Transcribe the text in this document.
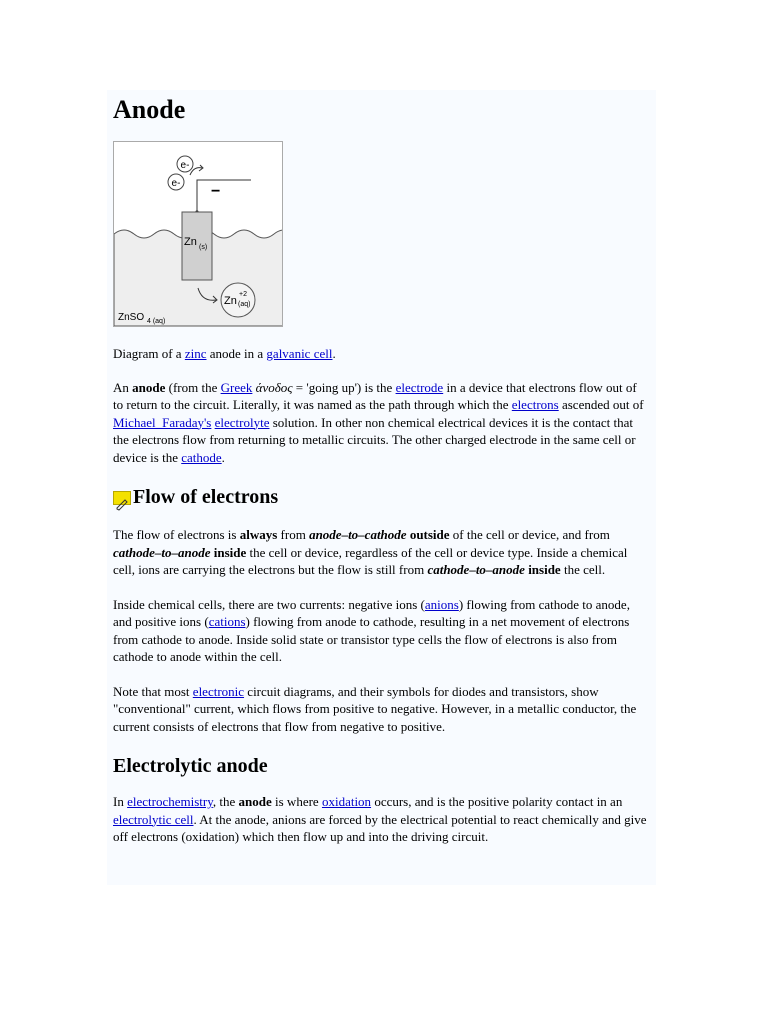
Anode
e-
e- −
Zn (s)
Zn
+2
(aq)
ZnSO 4 (aq)

Diagram of a zinc anode in a galvanic cell.

An anode (from the Greek άνοδος = 'going up') is the electrode in a device that electrons flow out of to return to the circuit. Literally, it was named as the path through which the electrons ascended out of Michael_Faraday's electrolyte solution. In other non chemical electrical devices it is the contact that the electrons flow from returning to metallic circuits. The other charged electrode in the same cell or device is the cathode.

Flow of electrons

The flow of electrons is always from anode–to–cathode outside of the cell or device, and from cathode–to–anode inside the cell or device, regardless of the cell or device type. Inside a chemical cell, ions are carrying the electrons but the flow is still from cathode–to–anode inside the cell.

Inside chemical cells, there are two currents: negative ions (anions) flowing from cathode to anode, and positive ions (cations) flowing from anode to cathode, resulting in a net movement of electrons from cathode to anode. Inside solid state or transistor type cells the flow of electrons is also from cathode to anode within the cell.

Note that most electronic circuit diagrams, and their symbols for diodes and transistors, show "conventional" current, which flows from positive to negative. However, in a metallic conductor, the current consists of electrons that flow from negative to positive.

Electrolytic anode

In electrochemistry, the anode is where oxidation occurs, and is the positive polarity contact in an electrolytic cell. At the anode, anions are forced by the electrical potential to react chemically and give off electrons (oxidation) which then flow up and into the driving circuit.
